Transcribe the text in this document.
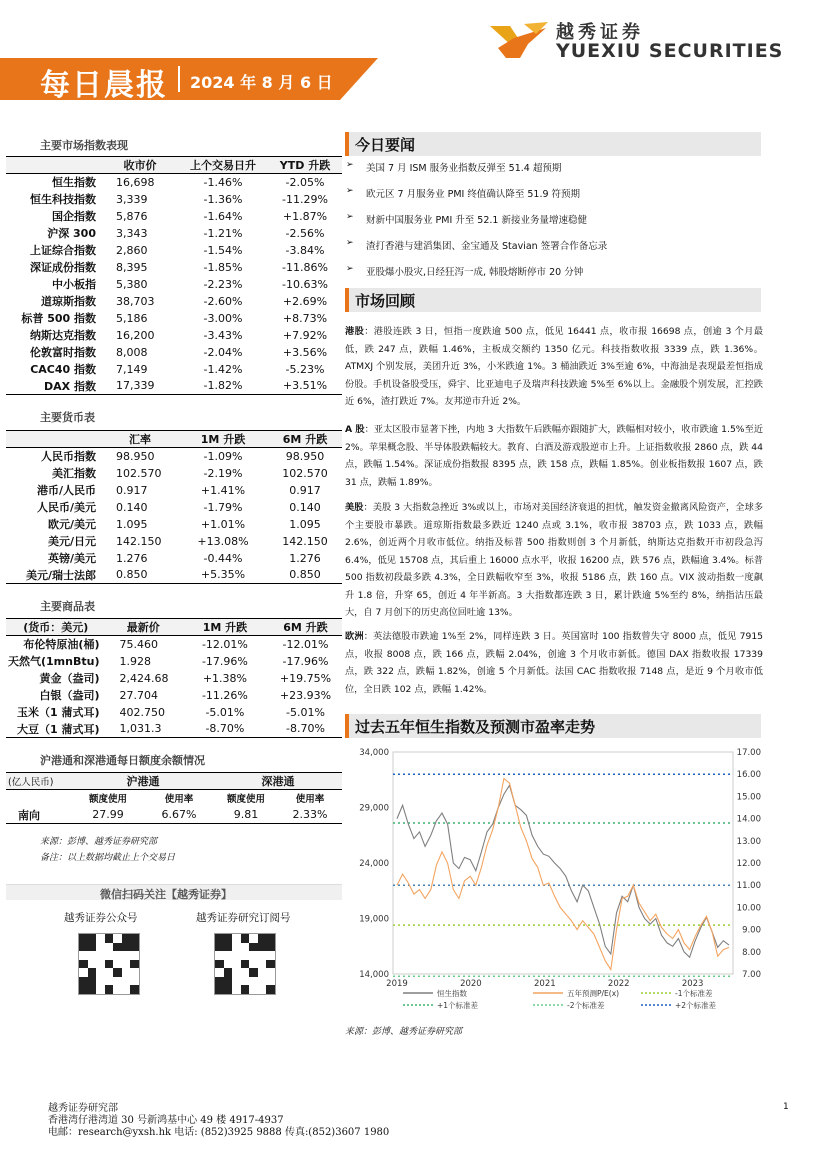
每日晨报 2024 年 8 月 6 日
越秀证券
YUEXIU SECURITIES
主要市场指数表现
	收市价	上个交易日升	YTD 升跌
恒生指数	16,698	-1.46%	-2.05%
恒生科技指数	3,339	-1.36%	-11.29%
国企指数	5,876	-1.64%	+1.87%
沪深 300	3,343	-1.21%	-2.56%
上证综合指数	2,860	-1.54%	-3.84%
深证成份指数	8,395	-1.85%	-11.86%
中小板指	5,380	-2.23%	-10.63%
道琼斯指数	38,703	-2.60%	+2.69%
标普 500 指数	5,186	-3.00%	+8.73%
纳斯达克指数	16,200	-3.43%	+7.92%
伦敦富时指数	8,008	-2.04%	+3.56%
CAC40 指数	7,149	-1.42%	-5.23%
DAX 指数	17,339	-1.82%	+3.51%
主要货币表
	汇率	1M 升跌	6M 升跌
人民币指数	98.950	-1.09%	98.950
美汇指数	102.570	-2.19%	102.570
港币/人民币	0.917	+1.41%	0.917
人民币/美元	0.140	-1.79%	0.140
欧元/美元	1.095	+1.01%	1.095
美元/日元	142.150	+13.08%	142.150
英镑/美元	1.276	-0.44%	1.276
美元/瑞士法郎	0.850	+5.35%	0.850
主要商品表
(货币：美元)	最新价	1M 升跌	6M 升跌
布伦特原油(桶)	75.460	-12.01%	-12.01%
天然气(1mnBtu)	1.928	-17.96%	-17.96%
黄金（盎司)	2,424.68	+1.38%	+19.75%
白银（盎司)	27.704	-11.26%	+23.93%
玉米（1 蒲式耳)	402.750	-5.01%	-5.01%
大豆（1 蒲式耳)	1,031.3	-8.70%	-8.70%
沪港通和深港通每日额度余额情况
(亿人民币)	沪港通		深港通	
	额度使用	使用率	额度使用	使用率
南向	27.99	6.67%	9.81	2.33%
来源：彭博、越秀证券研究部
备注：以上数据均截止上个交易日
微信扫码关注【越秀证券】
越秀证券公众号	越秀证券研究订阅号
今日要闻
➢	美国 7 月 ISM 服务业指数反弹至 51.4 超预期
➢	欧元区 7 月服务业 PMI 终值确认降至 51.9 符预期
➢	财新中国服务业 PMI 升至 52.1 新接业务量增速稳健
➢	渣打香港与建滔集团、金宝通及 Stavian 签署合作备忘录
➢	亚股爆小股灾,日经狂泻一成, 韩股熔断停市 20 分钟
市场回顾
港股：港股连跌 3 日，恒指一度跌逾 500 点，低见 16441 点，收市报 16698 点，创逾 3 个月最低，跌 247 点，跌幅 1.46%，主板成交额约 1350 亿元。科技指数收报 3339 点，跌 1.36%。ATMXJ 个别发展，美团升近 3%，小米跌逾 1%。3 桶油跌近 3%至逾 6%，中海油是表现最差恒指成份股。手机设备股受压，舜宇、比亚迪电子及瑞声科技跌逾 5%至 6%以上。金融股个别发展，汇控跌近 6%，渣打跌近 7%。友邦逆市升近 2%。
A 股：亚太区股市显著下挫，内地 3 大指数午后跌幅亦跟随扩大，跌幅相对较小，收市跌逾 1.5%至近 2%。苹果概念股、半导体股跌幅较大。教育、白酒及游戏股逆市上升。上证指数收报 2860 点，跌 44 点，跌幅 1.54%。深证成份指数报 8395 点，跌 158 点，跌幅 1.85%。创业板指数报 1607 点，跌 31 点，跌幅 1.89%。
美股：美股 3 大指数急挫近 3%或以上，市场对美国经济衰退的担忧，触发资金撤离风险资产，全球多个主要股市暴跌。道琼斯指数最多跌近 1240 点或 3.1%，收市报 38703 点，跌 1033 点，跌幅 2.6%，创近两个月收市低位。纳指及标普 500 指数则创 3 个月新低，纳斯达克指数开市初段急泻 6.4%，低见 15708 点，其后重上 16000 点水平，收报 16200 点，跌 576 点，跌幅逾 3.4%。标普 500 指数初段最多跌 4.3%，全日跌幅收窄至 3%，收报 5186 点，跌 160 点。VIX 波动指数一度飙升 1.8 倍，升穿 65，创近 4 年半新高。3 大指数都连跌 3 日，累计跌逾 5%至约 8%，纳指沽压最大，自 7 月创下的历史高位回吐逾 13%。
欧洲：英法德股市跌逾 1%至 2%，同样连跌 3 日。英国富时 100 指数曾失守 8000 点，低见 7915 点，收报 8008 点，跌 166 点，跌幅 2.04%，创逾 3 个月收市新低。德国 DAX 指数收报 17339 点，跌 322 点，跌幅 1.82%，创逾 5 个月新低。法国 CAC 指数收报 7148 点，是近 9 个月收市低位，全日跌 102 点，跌幅 1.42%。
过去五年恒生指数及预测市盈率走势
34,000
29,000
24,000
19,000
14,000
17.00
16.00
15.00
14.00
13.00
12.00
11.00
10.00
9.00
8.00
7.00
2019	2020	2021	2022	2023
恒生指数	五年预测P/E(x)	-1个标准差
+1个标准差	-2个标准差	+2个标准差
来源：彭博、越秀证券研究部
越秀证券研究部
香港湾仔港湾道 30 号新鸿基中心 49 楼 4917-4937
电邮：research@yxsh.hk 电话: (852)3925 9888 传真:(852)3607 1980
1
